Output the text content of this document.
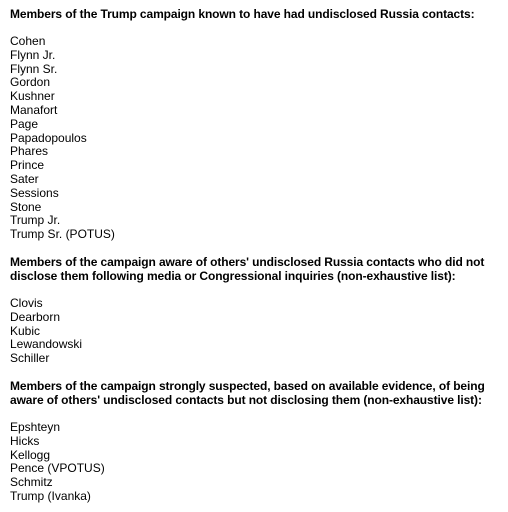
Members of the Trump campaign known to have had undisclosed Russia contacts:
Cohen
Flynn Jr.
Flynn Sr.
Gordon
Kushner
Manafort
Page
Papadopoulos
Phares
Prince
Sater
Sessions
Stone
Trump Jr.
Trump Sr. (POTUS)
Members of the campaign aware of others' undisclosed Russia contacts who did not disclose them following media or Congressional inquiries (non-exhaustive list):
Clovis
Dearborn
Kubic
Lewandowski
Schiller
Members of the campaign strongly suspected, based on available evidence, of being aware of others' undisclosed contacts but not disclosing them (non-exhaustive list):
Epshteyn
Hicks
Kellogg
Pence (VPOTUS)
Schmitz
Trump (Ivanka)
